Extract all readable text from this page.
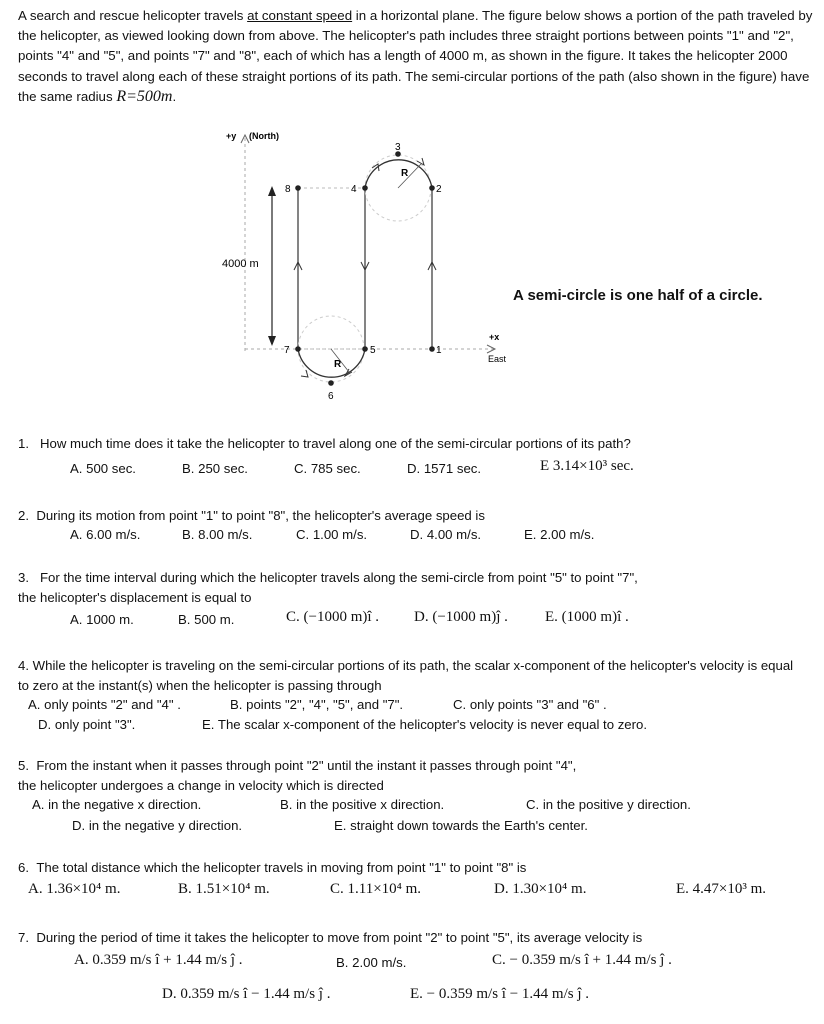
A search and rescue helicopter travels at constant speed in a horizontal plane. The figure below shows a portion of the path traveled by the helicopter, as viewed looking down from above. The helicopter's path includes three straight portions between points "1" and "2", points "4" and "5", and points "7" and "8", each of which has a length of 4000 m, as shown in the figure. It takes the helicopter 2000 seconds to travel along each of these straight portions of its path. The semi-circular portions of the path (also shown in the figure) have the same radius R=500m.
+y (North)
+x
East
4000 m
R
R
1
2
3
4
5
6
7
8
A semi-circle is one half of a circle.
1. How much time does it take the helicopter to travel along one of the semi-circular portions of its path?
A. 500 sec.	B. 250 sec.	C. 785 sec.	D. 1571 sec.	E 3.14×10³ sec.
2. During its motion from point "1" to point "8", the helicopter's average speed is
A. 6.00 m/s.	B. 8.00 m/s.	C. 1.00 m/s.	D. 4.00 m/s.	E. 2.00 m/s.
3. For the time interval during which the helicopter travels along the semi-circle from point "5" to point "7",
the helicopter's displacement is equal to
A. 1000 m.	B. 500 m.	C. (−1000 m)î . D. (−1000 m)ĵ . E. (1000 m)î .
4. While the helicopter is traveling on the semi-circular portions of its path, the scalar x-component of the helicopter's velocity is equal
to zero at the instant(s) when the helicopter is passing through
A. only points "2" and "4" .	B. points "2", "4", "5", and "7".	C. only points "3" and "6" .
D. only point "3".	E. The scalar x-component of the helicopter's velocity is never equal to zero.
5. From the instant when it passes through point "2" until the instant it passes through point "4",
the helicopter undergoes a change in velocity which is directed
A. in the negative x direction.	B. in the positive x direction.	C. in the positive y direction.
D. in the negative y direction.	E. straight down towards the Earth's center.
6. The total distance which the helicopter travels in moving from point "1" to point "8" is
A. 1.36×10⁴ m.	B. 1.51×10⁴ m.	C. 1.11×10⁴ m.	D. 1.30×10⁴ m.	E. 4.47×10³ m.
7. During the period of time it takes the helicopter to move from point "2" to point "5", its average velocity is
A. 0.359 m/s î + 1.44 m/s ĵ .	B. 2.00 m/s.	C. − 0.359 m/s î + 1.44 m/s ĵ .
D. 0.359 m/s î − 1.44 m/s ĵ .	E. − 0.359 m/s î − 1.44 m/s ĵ .
